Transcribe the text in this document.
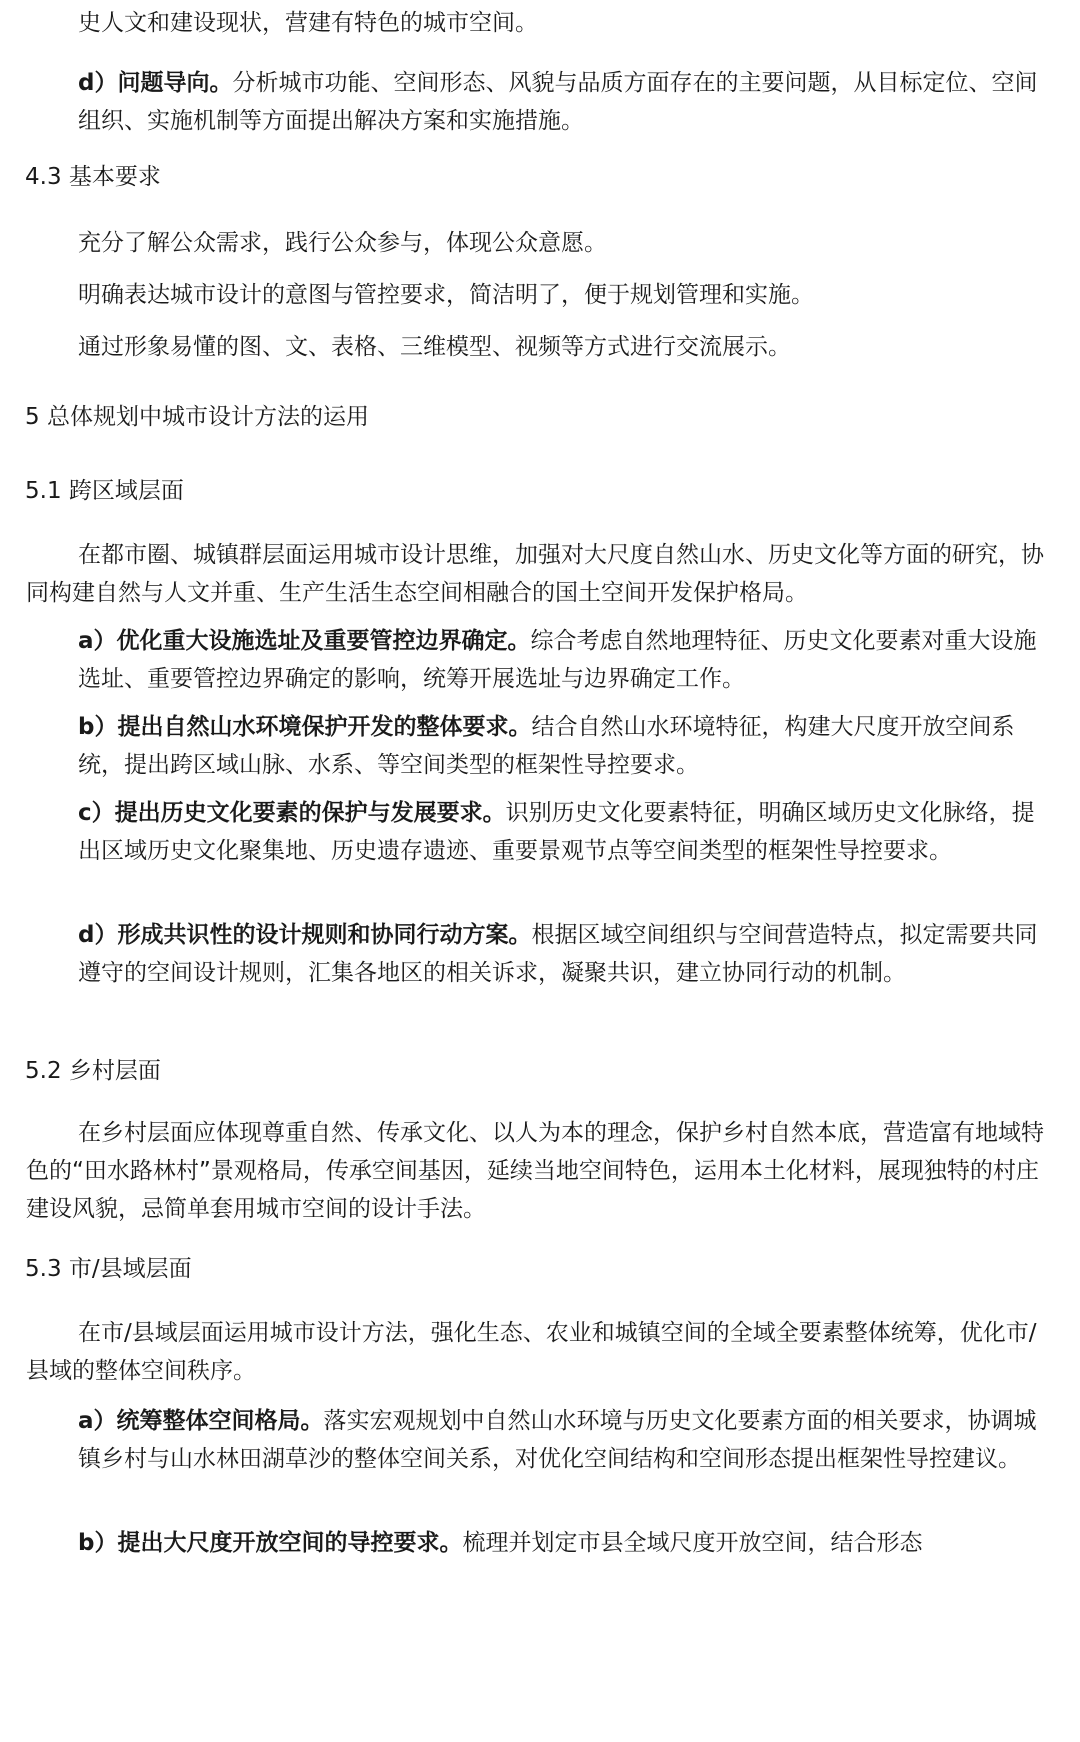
史人文和建设现状，营建有特色的城市空间。

d）问题导向。分析城市功能、空间形态、风貌与品质方面存在的主要问题，从目标定位、空间组织、实施机制等方面提出解决方案和实施措施。

4.3 基本要求

充分了解公众需求，践行公众参与，体现公众意愿。

明确表达城市设计的意图与管控要求，简洁明了，便于规划管理和实施。

通过形象易懂的图、文、表格、三维模型、视频等方式进行交流展示。

5 总体规划中城市设计方法的运用

5.1 跨区域层面

在都市圈、城镇群层面运用城市设计思维，加强对大尺度自然山水、历史文化等方面的研究，协同构建自然与人文并重、生产生活生态空间相融合的国土空间开发保护格局。

a）优化重大设施选址及重要管控边界确定。综合考虑自然地理特征、历史文化要素对重大设施选址、重要管控边界确定的影响，统筹开展选址与边界确定工作。

b）提出自然山水环境保护开发的整体要求。结合自然山水环境特征，构建大尺度开放空间系统，提出跨区域山脉、水系、等空间类型的框架性导控要求。

c）提出历史文化要素的保护与发展要求。识别历史文化要素特征，明确区域历史文化脉络，提出区域历史文化聚集地、历史遗存遗迹、重要景观节点等空间类型的框架性导控要求。

d）形成共识性的设计规则和协同行动方案。根据区域空间组织与空间营造特点，拟定需要共同遵守的空间设计规则，汇集各地区的相关诉求，凝聚共识，建立协同行动的机制。

5.2 乡村层面

在乡村层面应体现尊重自然、传承文化、以人为本的理念，保护乡村自然本底，营造富有地域特色的“田水路林村”景观格局，传承空间基因，延续当地空间特色，运用本土化材料，展现独特的村庄建设风貌，忌简单套用城市空间的设计手法。

5.3 市/县域层面

在市/县域层面运用城市设计方法，强化生态、农业和城镇空间的全域全要素整体统筹，优化市/县域的整体空间秩序。

a）统筹整体空间格局。落实宏观规划中自然山水环境与历史文化要素方面的相关要求，协调城镇乡村与山水林田湖草沙的整体空间关系，对优化空间结构和空间形态提出框架性导控建议。

b）提出大尺度开放空间的导控要求。梳理并划定市县全域尺度开放空间，结合形态
